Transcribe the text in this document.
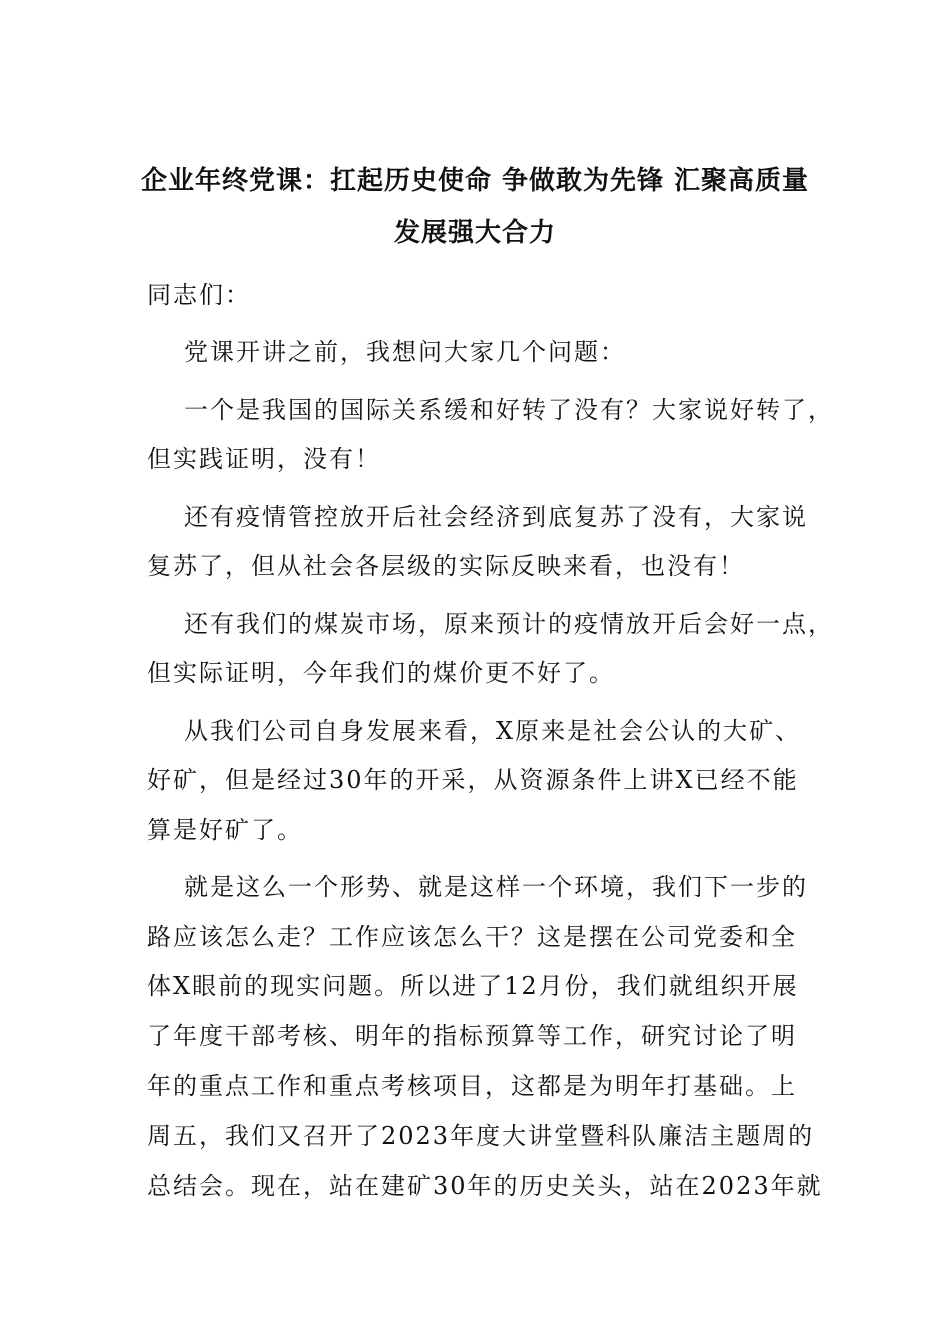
企业年终党课：扛起历史使命 争做敢为先锋 汇聚高质量
发展强大合力

同志们：

党课开讲之前，我想问大家几个问题：

一个是我国的国际关系缓和好转了没有？大家说好转了，

但实践证明，没有！

还有疫情管控放开后社会经济到底复苏了没有，大家说

复苏了，但从社会各层级的实际反映来看，也没有！

还有我们的煤炭市场，原来预计的疫情放开后会好一点，

但实际证明，今年我们的煤价更不好了。

从我们公司自身发展来看，X原来是社会公认的大矿、

好矿，但是经过30年的开采，从资源条件上讲X已经不能

算是好矿了。

就是这么一个形势、就是这样一个环境，我们下一步的

路应该怎么走？工作应该怎么干？这是摆在公司党委和全

体X眼前的现实问题。所以进了12月份，我们就组织开展

了年度干部考核、明年的指标预算等工作，研究讨论了明

年的重点工作和重点考核项目，这都是为明年打基础。上

周五，我们又召开了2023年度大讲堂暨科队廉洁主题周的

总结会。现在，站在建矿30年的历史关头，站在2023年就
